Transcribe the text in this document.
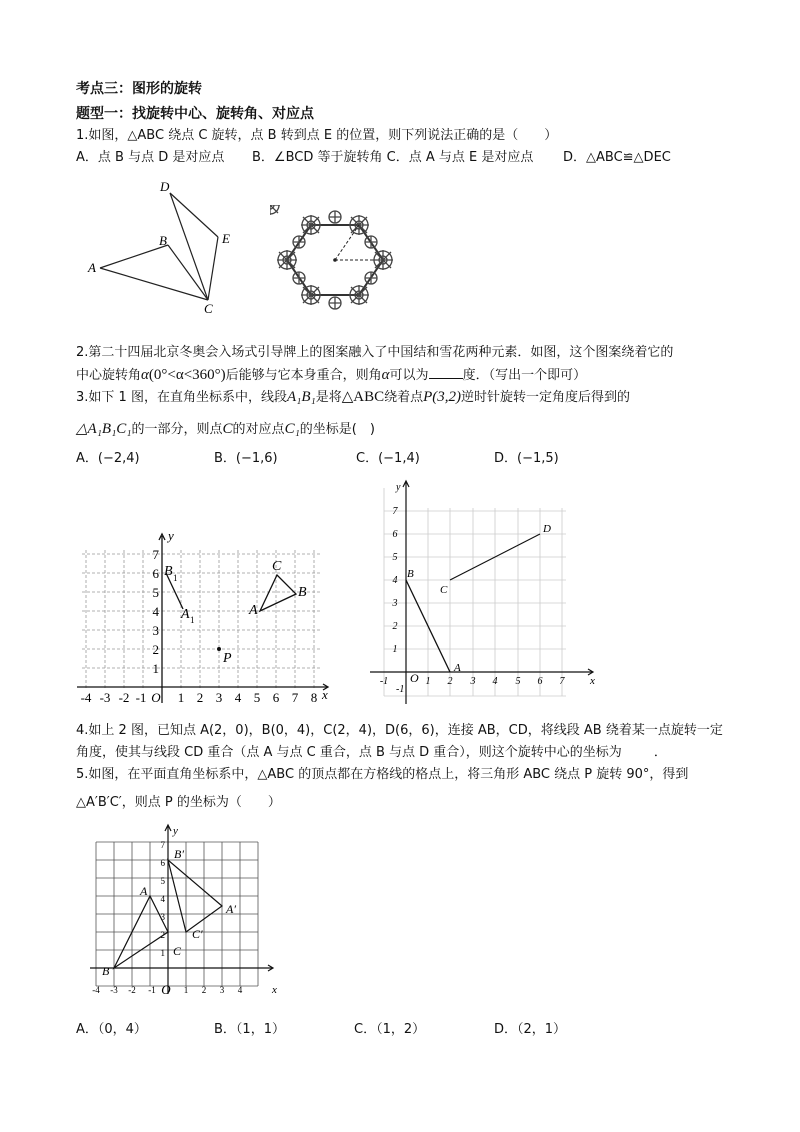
考点三：图形的旋转
题型一：找旋转中心、旋转角、对应点
1.如图，△ABC 绕点 C 旋转，点 B 转到点 E 的位置，则下列说法正确的是（　　）
A．点 B 与点 D 是对应点 B．∠BCD 等于旋转角 C．点 A 与点 E 是对应点 D．△ABC≌△DEC
D
B	E
A
C
2.第二十四届北京冬奥会入场式引导牌上的图案融入了中国结和雪花两种元素．如图，这个图案绕着它的
中心旋转角α(0°<α<360°)后能够与它本身重合，则角α可以为	度．（写出一个即可）
3.如下 1 图，在直角坐标系中，线段A₁B₁是将△ABC绕着点P(3,2)逆时针旋转一定角度后得到的
△A₁B₁C₁的一部分，则点C的对应点C₁的坐标是(　)
A．(−2,4)	B．(−1,6)	C．(−1,4)	D．(−1,5)
y
x
7
6
5
4
3
2
1
-4 -3 -2 -1 O 1 2 3 4 5 6 7 8
B 1
A 1
C
A
B
P
y
x
O
-1
7
6
5
4
3
2
1
-1	1 2 3 4 5 6 7
B
C
D
A
4.如上 2 图，已知点 A(2，0)，B(0，4)，C(2，4)，D(6，6)，连接 AB，CD，将线段 AB 绕着某一点旋转一定
角度，使其与线段 CD 重合（点 A 与点 C 重合，点 B 与点 D 重合），则这个旋转中心的坐标为 ．
5.如图，在平面直角坐标系中，△ABC 的顶点都在方格线的格点上，将三角形 ABC 绕点 P 旋转 90°，得到
△A′B′C′，则点 P 的坐标为（　　）
y
x
7
6
5
4
3
2
1
-4 -3 -2 -1 O 1 2 3 4
A
B
C
A′
B′
C′
A．（0，4）	B．（1，1）	C．（1，2）	D．（2，1）
